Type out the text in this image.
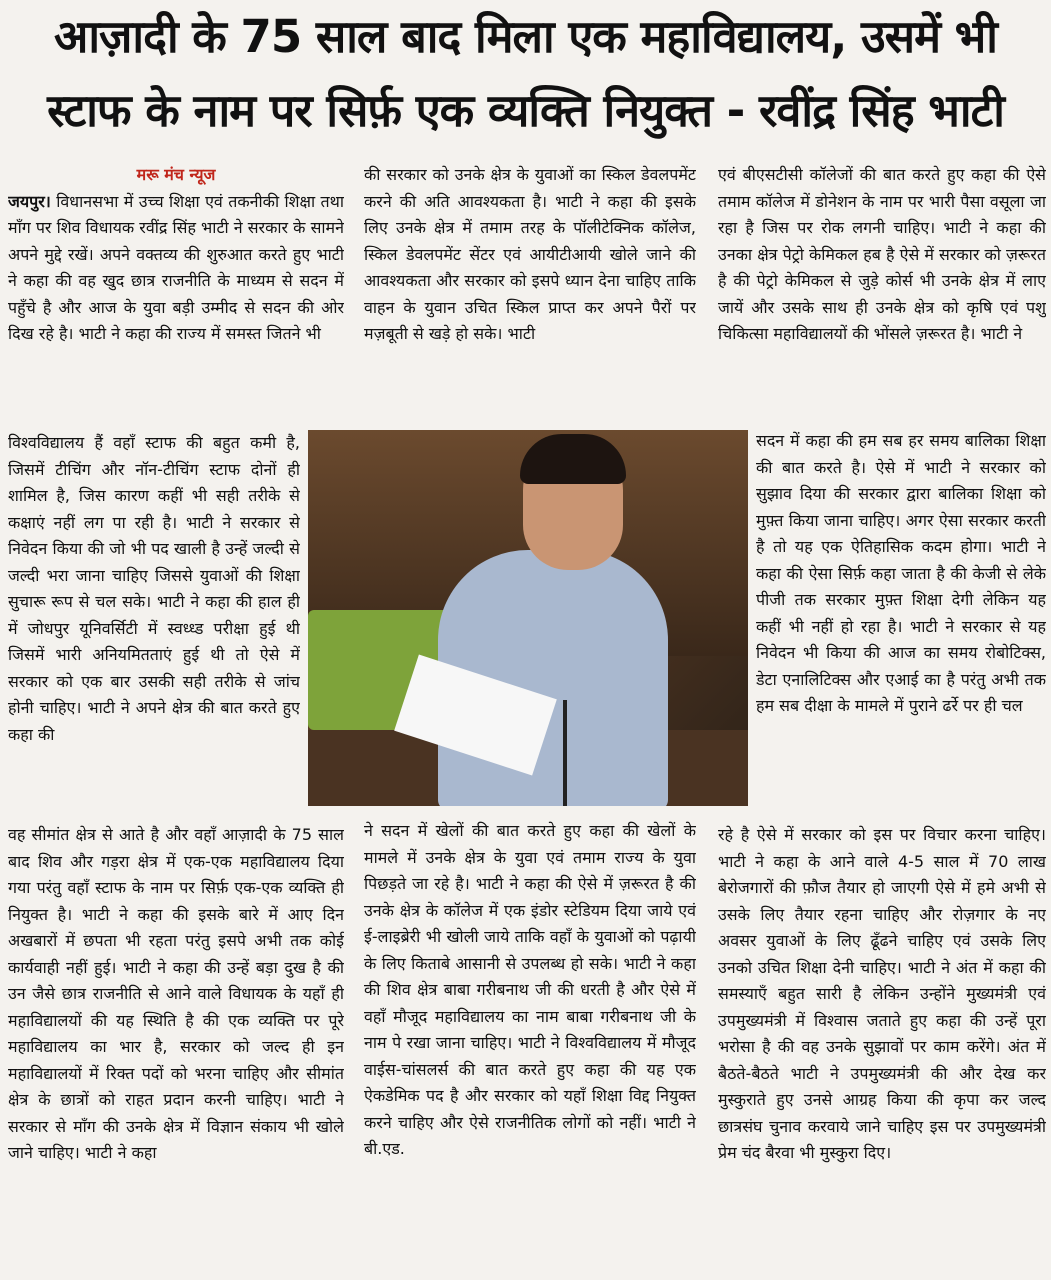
आज़ादी के 75 साल बाद मिला एक महाविद्यालय, उसमें भी
स्टाफ के नाम पर सिर्फ़ एक व्यक्ति नियुक्त - रवींद्र सिंह भाटी

मरू मंच न्यूज

जयपुर। विधानसभा में उच्च शिक्षा एवं तकनीकी शिक्षा तथा माँग पर शिव विधायक रवींद्र सिंह भाटी ने सरकार के सामने अपने मुद्दे रखें। अपने वक्तव्य की शुरुआत करते हुए भाटी ने कहा की वह खुद छात्र राजनीति के माध्यम से सदन में पहुँचे है और आज के युवा बड़ी उम्मीद से सदन की ओर दिख रहे है। भाटी ने कहा की राज्य में समस्त जितने भी

विश्वविद्यालय हैं वहाँ स्टाफ की बहुत कमी है, जिसमें टीचिंग और नॉन-टीचिंग स्टाफ दोनों ही शामिल है, जिस कारण कहीं भी सही तरीके से कक्षाएं नहीं लग पा रही है। भाटी ने सरकार से निवेदन किया की जो भी पद खाली है उन्हें जल्दी से जल्दी भरा जाना चाहिए जिससे युवाओं की शिक्षा सुचारू रूप से चल सके। भाटी ने कहा की हाल ही में जोधपुर यूनिवर्सिटी में स्वध्ध्ड परीक्षा हुई थी जिसमें भारी अनियमितताएं हुई थी तो ऐसे में सरकार को एक बार उसकी सही तरीके से जांच होनी चाहिए। भाटी ने अपने क्षेत्र की बात करते हुए कहा की

वह सीमांत क्षेत्र से आते है और वहाँ आज़ादी के 75 साल बाद शिव और गड़रा क्षेत्र में एक-एक महाविद्यालय दिया गया परंतु वहाँ स्टाफ के नाम पर सिर्फ़ एक-एक व्यक्ति ही नियुक्त है। भाटी ने कहा की इसके बारे में आए दिन अखबारों में छपता भी रहता परंतु इसपे अभी तक कोई कार्यवाही नहीं हुई। भाटी ने कहा की उन्हें बड़ा दुख है की उन जैसे छात्र राजनीति से आने वाले विधायक के यहाँ ही महाविद्यालयों की यह स्थिति है की एक व्यक्ति पर पूरे महाविद्यालय का भार है, सरकार को जल्द ही इन महाविद्यालयों में रिक्त पदों को भरना चाहिए और सीमांत क्षेत्र के छात्रों को राहत प्रदान करनी चाहिए। भाटी ने सरकार से माँग की उनके क्षेत्र में विज्ञान संकाय भी खोले जाने चाहिए। भाटी ने कहा

की सरकार को उनके क्षेत्र के युवाओं का स्किल डेवलपमेंट करने की अति आवश्यकता है। भाटी ने कहा की इसके लिए उनके क्षेत्र में तमाम तरह के पॉलीटेक्निक कॉलेज, स्किल डेवलपमेंट सेंटर एवं आयीटीआयी खोले जाने की आवश्यकता और सरकार को इसपे ध्यान देना चाहिए ताकि वाहन के युवान उचित स्किल प्राप्त कर अपने पैरों पर मज़बूती से खड़े हो सके। भाटी

ने सदन में खेलों की बात करते हुए कहा की खेलों के मामले में उनके क्षेत्र के युवा एवं तमाम राज्य के युवा पिछड़ते जा रहे है। भाटी ने कहा की ऐसे में ज़रूरत है की उनके क्षेत्र के कॉलेज में एक इंडोर स्टेडियम दिया जाये एवं ई-लाइब्रेरी भी खोली जाये ताकि वहाँ के युवाओं को पढ़ायी के लिए किताबे आसानी से उपलब्ध हो सके। भाटी ने कहा की शिव क्षेत्र बाबा गरीबनाथ जी की धरती है और ऐसे में वहाँ मौजूद महाविद्यालय का नाम बाबा गरीबनाथ जी के नाम पे रखा जाना चाहिए। भाटी ने विश्वविद्यालय में मौजूद वाईस-चांसलर्स की बात करते हुए कहा की यह एक ऐकडेमिक पद है और सरकार को यहाँ शिक्षा विद्द नियुक्त करने चाहिए और ऐसे राजनीतिक लोगों को नहीं। भाटी ने बी.एड.

एवं बीएसटीसी कॉलेजों की बात करते हुए कहा की ऐसे तमाम कॉलेज में डोनेशन के नाम पर भारी पैसा वसूला जा रहा है जिस पर रोक लगनी चाहिए। भाटी ने कहा की उनका क्षेत्र पेट्रो केमिकल हब है ऐसे में सरकार को ज़रूरत है की पेट्रो केमिकल से जुड़े कोर्स भी उनके क्षेत्र में लाए जायें और उसके साथ ही उनके क्षेत्र को कृषि एवं पशु चिकित्सा महाविद्यालयों की भोंसले ज़रूरत है। भाटी ने

सदन में कहा की हम सब हर समय बालिका शिक्षा की बात करते है। ऐसे में भाटी ने सरकार को सुझाव दिया की सरकार द्वारा बालिका शिक्षा को मुफ़्त किया जाना चाहिए। अगर ऐसा सरकार करती है तो यह एक ऐतिहासिक कदम होगा। भाटी ने कहा की ऐसा सिर्फ़ कहा जाता है की केजी से लेके पीजी तक सरकार मुफ़्त शिक्षा देगी लेकिन यह कहीं भी नहीं हो रहा है। भाटी ने सरकार से यह निवेदन भी किया की आज का समय रोबोटिक्स, डेटा एनालिटिक्स और एआई का है परंतु अभी तक हम सब दीक्षा के मामले में पुराने ढर्रे पर ही चल

रहे है ऐसे में सरकार को इस पर विचार करना चाहिए। भाटी ने कहा के आने वाले 4-5 साल में 70 लाख बेरोजगारों की फ़ौज तैयार हो जाएगी ऐसे में हमे अभी से उसके लिए तैयार रहना चाहिए और रोज़गार के नए अवसर युवाओं के लिए ढूँढने चाहिए एवं उसके लिए उनको उचित शिक्षा देनी चाहिए। भाटी ने अंत में कहा की समस्याएँ बहुत सारी है लेकिन उन्होंने मुख्यमंत्री एवं उपमुख्यमंत्री में विश्वास जताते हुए कहा की उन्हें पूरा भरोसा है की वह उनके सुझावों पर काम करेंगे। अंत में बैठते-बैठते भाटी ने उपमुख्यमंत्री की और देख कर मुस्कुराते हुए उनसे आग्रह किया की कृपा कर जल्द छात्रसंघ चुनाव करवाये जाने चाहिए इस पर उपमुख्यमंत्री प्रेम चंद बैरवा भी मुस्कुरा दिए।
